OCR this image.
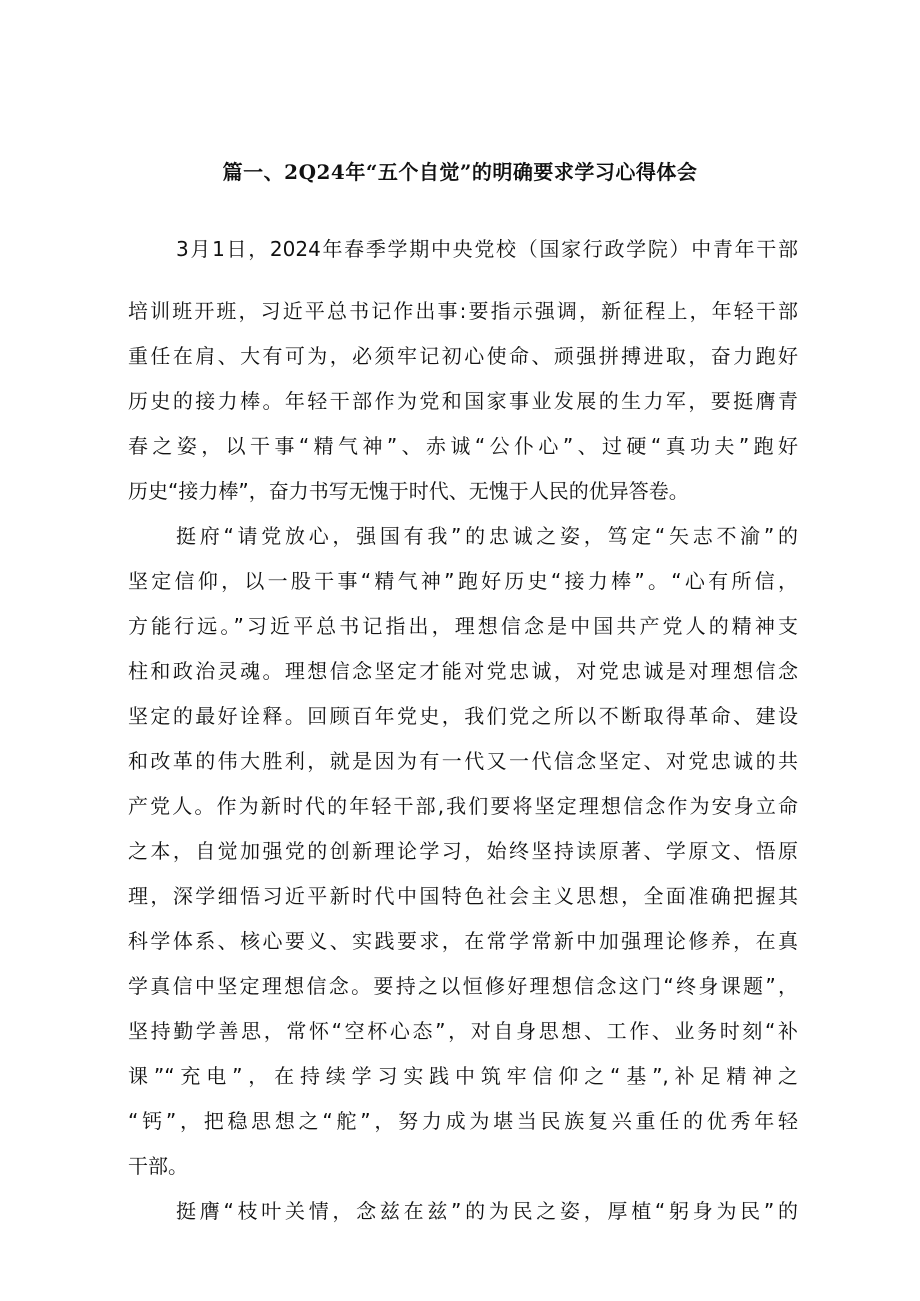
篇一、2Q24年“五个自觉”的明确要求学习心得体会
3月1日，2024年春季学期中央党校（国家行政学院）中青年干部
培训班开班，习近平总书记作出事:要指示强调，新征程上，年轻干部
重任在肩、大有可为，必须牢记初心使命、顽强拼搏进取，奋力跑好
历史的接力棒。年轻干部作为党和国家事业发展的生力军，要挺膺青
春之姿，以干事“精气神”、赤诚“公仆心”、过硬“真功夫”跑好
历史“接力棒”，奋力书写无愧于时代、无愧于人民的优异答卷。
挺府“请党放心，强国有我”的忠诚之姿，笃定“矢志不渝”的
坚定信仰，以一股干事“精气神”跑好历史“接力棒”。“心有所信，
方能行远。”习近平总书记指出，理想信念是中国共产党人的精神支
柱和政治灵魂。理想信念坚定才能对党忠诚，对党忠诚是对理想信念
坚定的最好诠释。回顾百年党史，我们党之所以不断取得革命、建设
和改革的伟大胜利，就是因为有一代又一代信念坚定、对党忠诚的共
产党人。作为新时代的年轻干部,我们要将坚定理想信念作为安身立命
之本，自觉加强党的创新理论学习，始终坚持读原著、学原文、悟原
理，深学细悟习近平新时代中国特色社会主义思想，全面准确把握其
科学体系、核心要义、实践要求，在常学常新中加强理论修养，在真
学真信中坚定理想信念。要持之以恒修好理想信念这门“终身课题”，
坚持勤学善思，常怀“空杯心态”，对自身思想、工作、业务时刻“补
课”“充电”，在持续学习实践中筑牢信仰之“基”,补足精神之
“钙”，把稳思想之“舵”，努力成为堪当民族复兴重任的优秀年轻
干部。
挺膺“枝叶关情，念兹在兹”的为民之姿，厚植“躬身为民”的
